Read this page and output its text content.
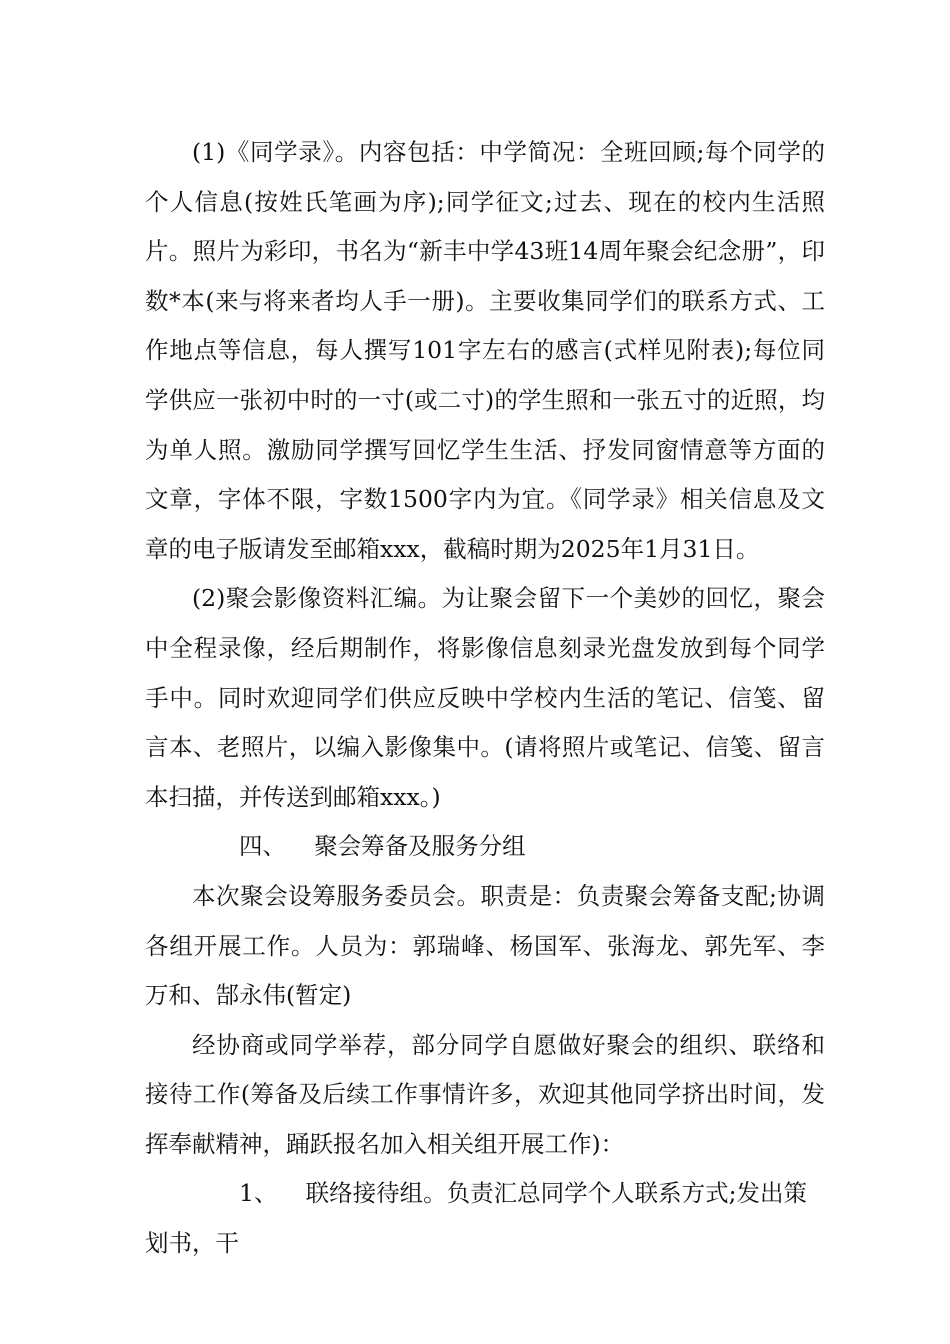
(1)《同学录》。内容包括：中学简况：全班回顾;每个同学的个人信息(按姓氏笔画为序);同学征文;过去、现在的校内生活照片。照片为彩印，书名为“新丰中学43班14周年聚会纪念册”，印数*本(来与将来者均人手一册)。主要收集同学们的联系方式、工作地点等信息，每人撰写101字左右的感言(式样见附表);每位同学供应一张初中时的一寸(或二寸)的学生照和一张五寸的近照，均为单人照。激励同学撰写回忆学生生活、抒发同窗情意等方面的文章，字体不限，字数1500字内为宜。《同学录》相关信息及文章的电子版请发至邮箱xxx，截稿时期为2025年1月31日。

(2)聚会影像资料汇编。为让聚会留下一个美妙的回忆，聚会中全程录像，经后期制作，将影像信息刻录光盘发放到每个同学手中。同时欢迎同学们供应反映中学校内生活的笔记、信笺、留言本、老照片，以编入影像集中。(请将照片或笔记、信笺、留言本扫描，并传送到邮箱xxx。)

四、 聚会筹备及服务分组

本次聚会设筹服务委员会。职责是：负责聚会筹备支配;协调各组开展工作。人员为：郭瑞峰、杨国军、张海龙、郭先军、李万和、郜永伟(暂定)

经协商或同学举荐，部分同学自愿做好聚会的组织、联络和接待工作(筹备及后续工作事情许多，欢迎其他同学挤出时间，发挥奉献精神，踊跃报名加入相关组开展工作)：

1、 联络接待组。负责汇总同学个人联系方式;发出策划书，干
